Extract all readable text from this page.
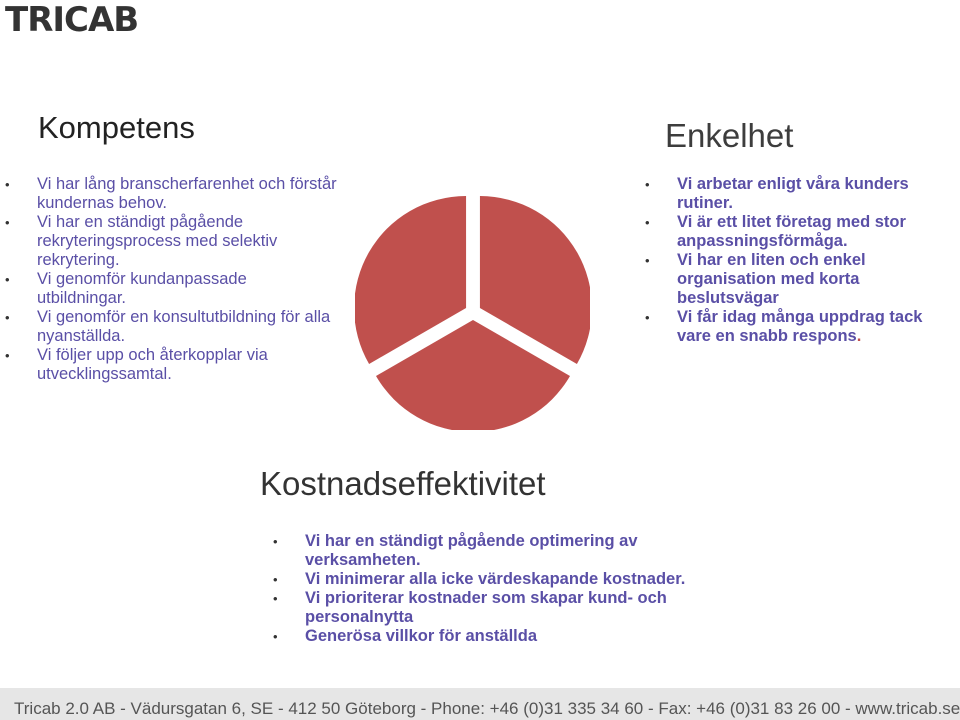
TRICAB
Kompetens
• Vi har lång branscherfarenhet och förstår kundernas behov.
• Vi har en ständigt pågående rekryteringsprocess med selektiv rekrytering.
• Vi genomför kundanpassade utbildningar.
• Vi genomför en konsultutbildning för alla nyanställda.
• Vi följer upp och återkopplar via utvecklingssamtal.
Enkelhet
• Vi arbetar enligt våra kunders rutiner.
• Vi är ett litet företag med stor anpassningsförmåga.
• Vi har en liten och enkel organisation med korta beslutsvägar
• Vi får idag många uppdrag tack vare en snabb respons.
Kostnadseffektivitet
• Vi har en ständigt pågående optimering av verksamheten.
• Vi minimerar alla icke värdeskapande kostnader.
• Vi prioriterar kostnader som skapar kund- och personalnytta
• Generösa villkor för anställda
Tricab 2.0 AB - Vädursgatan 6, SE - 412 50 Göteborg - Phone: +46 (0)31 335 34 60 - Fax: +46 (0)31 83 26 00 - www.tricab.se
